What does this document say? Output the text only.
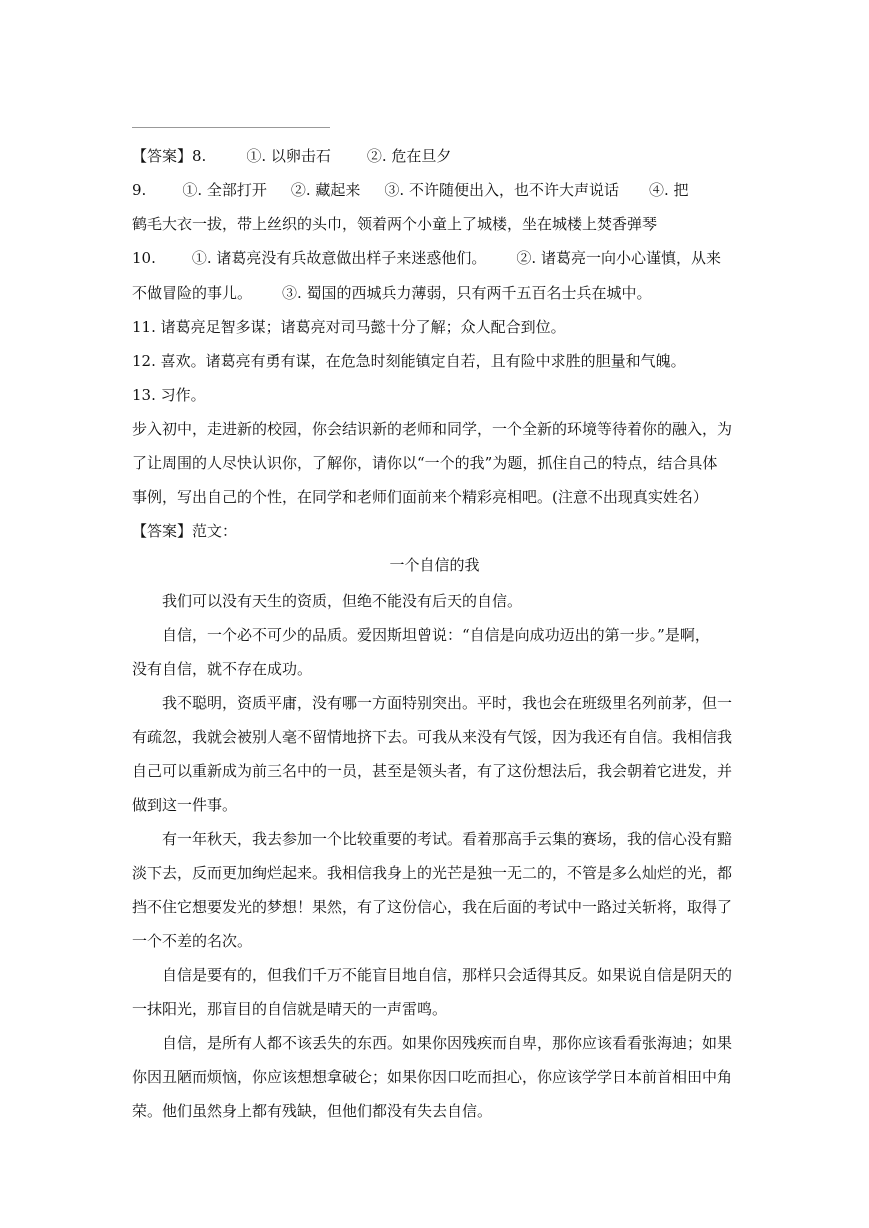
【答案】8.	①. 以卵击石 ②. 危在旦夕
9. ①. 全部打开 ②. 藏起来 ③. 不许随便出入，也不许大声说话 ④. 把
鹤毛大衣一拔，带上丝织的头巾，领着两个小童上了城楼，坐在城楼上焚香弹琴
10. ①. 诸葛亮没有兵故意做出样子来迷惑他们。 ②. 诸葛亮一向小心谨慎，从来
不做冒险的事儿。 ③. 蜀国的西城兵力薄弱，只有两千五百名士兵在城中。
11. 诸葛亮足智多谋；诸葛亮对司马懿十分了解；众人配合到位。
12. 喜欢。诸葛亮有勇有谋，在危急时刻能镇定自若，且有险中求胜的胆量和气魄。
13. 习作。
步入初中，走进新的校园，你会结识新的老师和同学，一个全新的环境等待着你的融入，为
了让周围的人尽快认识你，了解你，请你以“一个的我”为题，抓住自己的特点，结合具体
事例，写出自己的个性，在同学和老师们面前来个精彩亮相吧。(注意不出现真实姓名）
【答案】范文：
一个自信的我
我们可以没有天生的资质，但绝不能没有后天的自信。
自信，一个必不可少的品质。爱因斯坦曾说：“自信是向成功迈出的第一步。”是啊，
没有自信，就不存在成功。
我不聪明，资质平庸，没有哪一方面特别突出。平时，我也会在班级里名列前茅，但一
有疏忽，我就会被别人毫不留情地挤下去。可我从来没有气馁，因为我还有自信。我相信我
自己可以重新成为前三名中的一员，甚至是领头者，有了这份想法后，我会朝着它进发，并
做到这一件事。
有一年秋天，我去参加一个比较重要的考试。看着那高手云集的赛场，我的信心没有黯
淡下去，反而更加绚烂起来。我相信我身上的光芒是独一无二的，不管是多么灿烂的光，都
挡不住它想要发光的梦想！果然，有了这份信心，我在后面的考试中一路过关斩将，取得了
一个不差的名次。
自信是要有的，但我们千万不能盲目地自信，那样只会适得其反。如果说自信是阴天的
一抹阳光，那盲目的自信就是晴天的一声雷鸣。
自信，是所有人都不该丢失的东西。如果你因残疾而自卑，那你应该看看张海迪；如果
你因丑陋而烦恼，你应该想想拿破仑；如果你因口吃而担心，你应该学学日本前首相田中角
荣。他们虽然身上都有残缺，但他们都没有失去自信。
